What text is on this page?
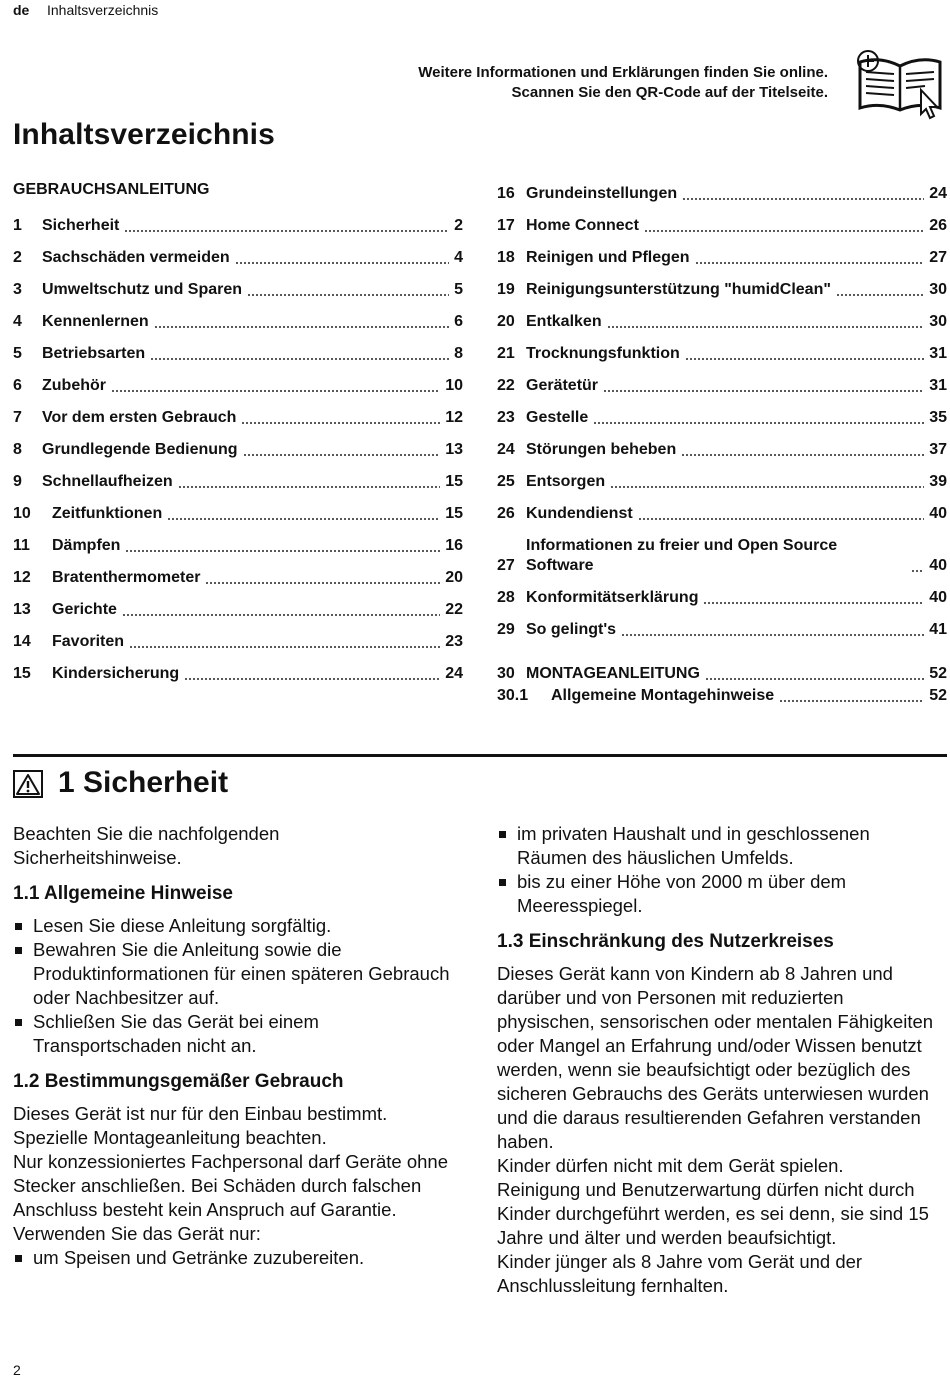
de Inhaltsverzeichnis
Weitere Informationen und Erklärungen finden Sie online.
Scannen Sie den QR-Code auf der Titelseite.
Inhaltsverzeichnis
GEBRAUCHSANLEITUNG
1	Sicherheit	2
2	Sachschäden vermeiden	4
3	Umweltschutz und Sparen	5
4	Kennenlernen	6
5	Betriebsarten	8
6	Zubehör	10
7	Vor dem ersten Gebrauch	12
8	Grundlegende Bedienung	13
9	Schnellaufheizen	15
10	Zeitfunktionen	15
11	Dämpfen	16
12	Bratenthermometer	20
13	Gerichte	22
14	Favoriten	23
15	Kindersicherung	24
16 Grundeinstellungen	24
17 Home Connect	26
18 Reinigen und Pflegen	27
19 Reinigungsunterstützung "humidClean"	30
20 Entkalken	30
21 Trocknungsfunktion	31
22 Gerätetür	31
23 Gestelle	35
24 Störungen beheben	37
25 Entsorgen	39
26 Kundendienst	40
27
Informationen zu freier und Open Source Software	40
28 Konformitätserklärung	40
29 So gelingt's	41
30 MONTAGEANLEITUNG	52
30.1	Allgemeine Montagehinweise	52
1 Sicherheit

Beachten Sie die nachfolgenden Sicherheitshinweise.

1.1 Allgemeine Hinweise
Lesen Sie diese Anleitung sorgfältig.
Bewahren Sie die Anleitung sowie die Produktinformationen für einen späteren Gebrauch oder Nachbesitzer auf.
Schließen Sie das Gerät bei einem Transportschaden nicht an.
1.2 Bestimmungsgemäßer Gebrauch

Dieses Gerät ist nur für den Einbau bestimmt. Spezielle Montageanleitung beachten.

Nur konzessioniertes Fachpersonal darf Geräte ohne Stecker anschließen. Bei Schäden durch falschen Anschluss besteht kein Anspruch auf Garantie.

Verwenden Sie das Gerät nur:

um Speisen und Getränke zuzubereiten.
im privaten Haushalt und in geschlossenen Räumen des häuslichen Umfelds.
bis zu einer Höhe von 2000 m über dem Meeresspiegel.
1.3 Einschränkung des Nutzerkreises

Dieses Gerät kann von Kindern ab 8 Jahren und darüber und von Personen mit reduzierten physischen, sensorischen oder mentalen Fähigkeiten oder Mangel an Erfahrung und/oder Wissen benutzt werden, wenn sie beaufsichtigt oder bezüglich des sicheren Gebrauchs des Geräts unterwiesen wurden und die daraus resultierenden Gefahren verstanden haben.

Kinder dürfen nicht mit dem Gerät spielen.

Reinigung und Benutzerwartung dürfen nicht durch Kinder durchgeführt werden, es sei denn, sie sind 15 Jahre und älter und werden beaufsichtigt.

Kinder jünger als 8 Jahre vom Gerät und der Anschlussleitung fernhalten.

2
